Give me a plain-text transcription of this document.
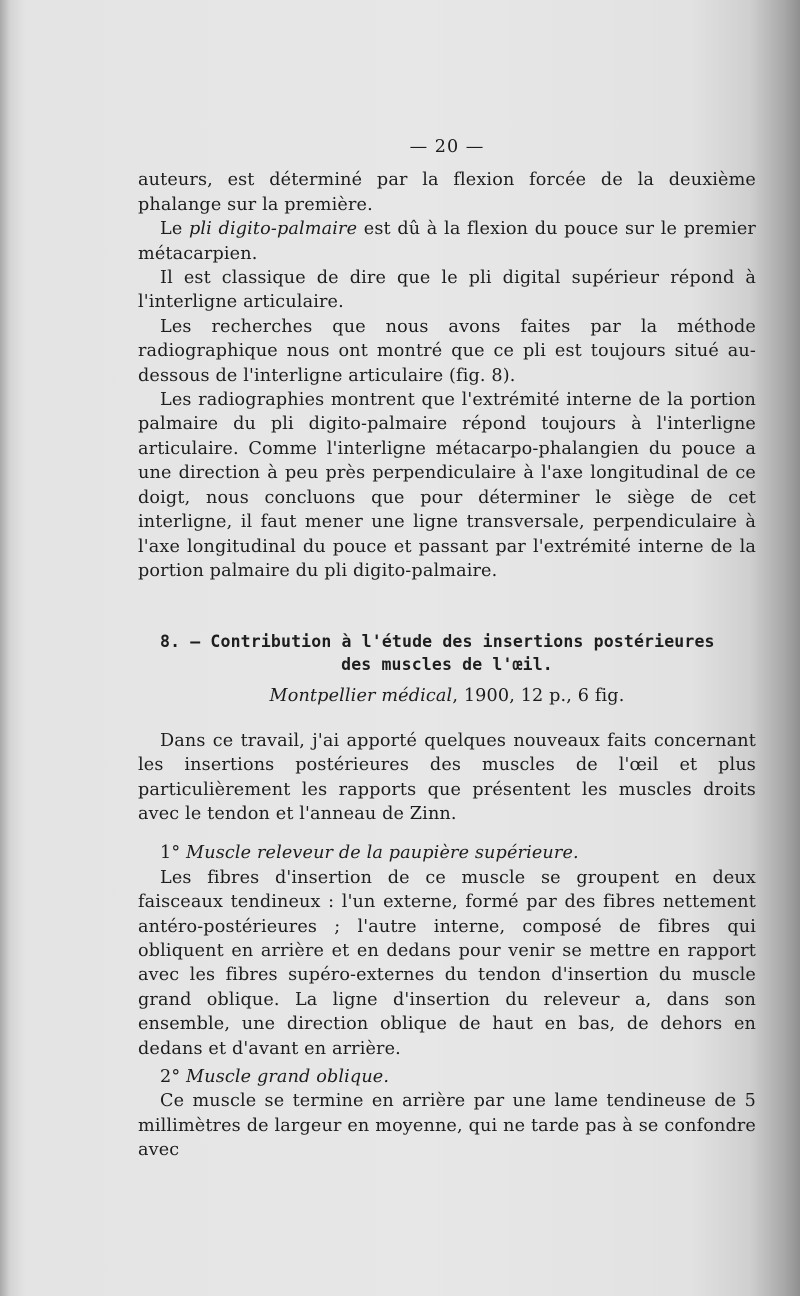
— 20 —

auteurs, est déterminé par la flexion forcée de la deuxième phalange sur la première.

Le pli digito-palmaire est dû à la flexion du pouce sur le premier métacarpien.

Il est classique de dire que le pli digital supérieur répond à l'interligne articulaire.

Les recherches que nous avons faites par la méthode radiographique nous ont montré que ce pli est toujours situé au-dessous de l'interligne articulaire (fig. 8).

Les radiographies montrent que l'extrémité interne de la portion palmaire du pli digito-palmaire répond toujours à l'interligne articulaire. Comme l'interligne métacarpo-phalangien du pouce a une direction à peu près perpendiculaire à l'axe longitudinal de ce doigt, nous concluons que pour déterminer le siège de cet interligne, il faut mener une ligne transversale, perpendiculaire à l'axe longitudinal du pouce et passant par l'extrémité interne de la portion palmaire du pli digito-palmaire.

8. — Contribution à l'étude des insertions postérieures
des muscles de l'œil.
Montpellier médical, 1900, 12 p., 6 fig.

Dans ce travail, j'ai apporté quelques nouveaux faits concernant les insertions postérieures des muscles de l'œil et plus particulièrement les rapports que présentent les muscles droits avec le tendon et l'anneau de Zinn.

1° Muscle releveur de la paupière supérieure.

Les fibres d'insertion de ce muscle se groupent en deux faisceaux tendineux : l'un externe, formé par des fibres nettement antéro-postérieures ; l'autre interne, composé de fibres qui obliquent en arrière et en dedans pour venir se mettre en rapport avec les fibres supéro-externes du tendon d'insertion du muscle grand oblique. La ligne d'insertion du releveur a, dans son ensemble, une direction oblique de haut en bas, de dehors en dedans et d'avant en arrière.

2° Muscle grand oblique.

Ce muscle se termine en arrière par une lame tendineuse de 5 millimètres de largeur en moyenne, qui ne tarde pas à se confondre avec
